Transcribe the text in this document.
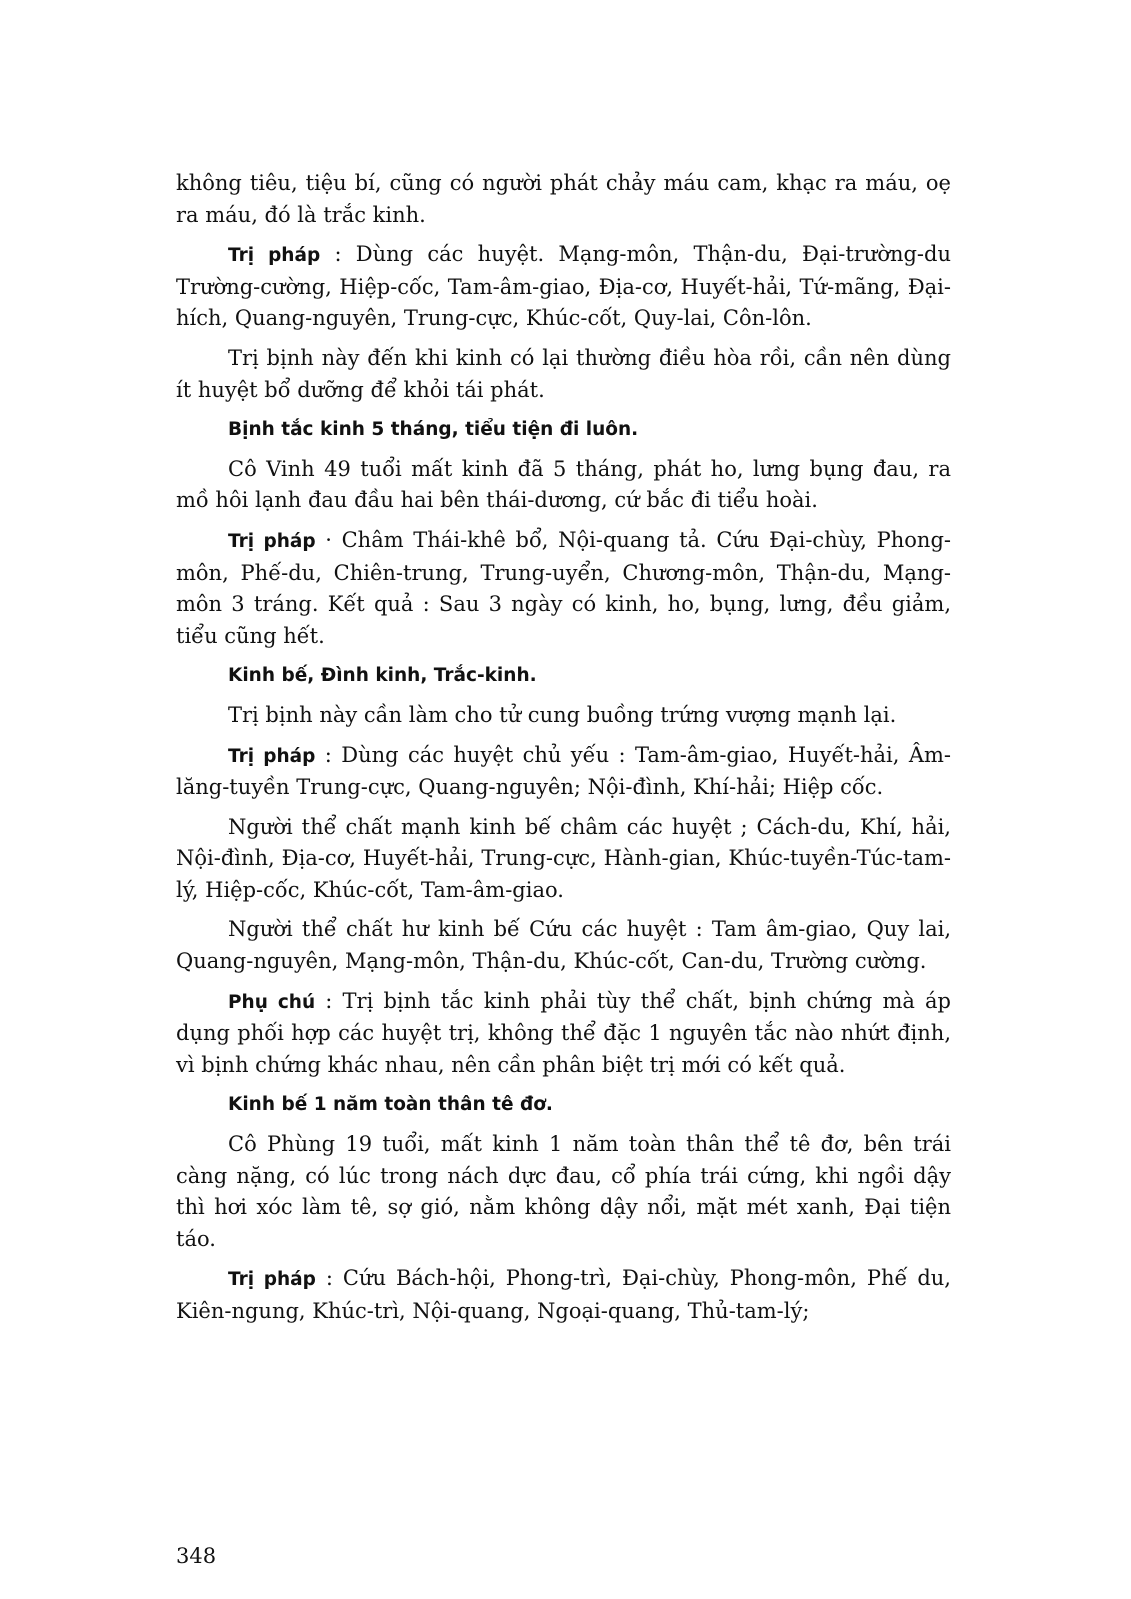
không tiêu, tiệu bí, cũng có người phát chảy máu cam, khạc ra máu, oẹ ra máu, đó là trắc kinh.

Trị pháp : Dùng các huyệt. Mạng-môn, Thận-du, Đại-trường-du Trường-cường, Hiệp-cốc, Tam-âm-giao, Địa-cơ, Huyết-hải, Tứ-mãng, Đại-hích, Quang-nguyên, Trung-cực, Khúc-cốt, Quy-lai, Côn-lôn.

Trị bịnh này đến khi kinh có lại thường điều hòa rồi, cần nên dùng ít huyệt bổ dưỡng để khỏi tái phát.

Bịnh tắc kinh 5 tháng, tiểu tiện đi luôn.

Cô Vinh 49 tuổi mất kinh đã 5 tháng, phát ho, lưng bụng đau, ra mồ hôi lạnh đau đầu hai bên thái-dương, cứ bắc đi tiểu hoài.

Trị pháp · Châm Thái-khê bổ, Nội-quang tả. Cứu Đại-chùy, Phong-môn, Phế-du, Chiên-trung, Trung-uyển, Chương-môn, Thận-du, Mạng-môn 3 tráng. Kết quả : Sau 3 ngày có kinh, ho, bụng, lưng, đều giảm, tiểu cũng hết.

Kinh bế, Đình kinh, Trắc-kinh.

Trị bịnh này cần làm cho tử cung buồng trứng vượng mạnh lại.

Trị pháp : Dùng các huyệt chủ yếu : Tam-âm-giao, Huyết-hải, Âm-lăng-tuyền Trung-cực, Quang-nguyên; Nội-đình, Khí-hải; Hiệp cốc.

Người thể chất mạnh kinh bế châm các huyệt ; Cách-du, Khí, hải, Nội-đình, Địa-cơ, Huyết-hải, Trung-cực, Hành-gian, Khúc-tuyền-Túc-tam-lý, Hiệp-cốc, Khúc-cốt, Tam-âm-giao.

Người thể chất hư kinh bế Cứu các huyệt : Tam âm-giao, Quy lai, Quang-nguyên, Mạng-môn, Thận-du, Khúc-cốt, Can-du, Trường cường.

Phụ chú : Trị bịnh tắc kinh phải tùy thể chất, bịnh chứng mà áp dụng phối hợp các huyệt trị, không thể đặc 1 nguyên tắc nào nhứt định, vì bịnh chứng khác nhau, nên cần phân biệt trị mới có kết quả.

Kinh bế 1 năm toàn thân tê đơ.

Cô Phùng 19 tuổi, mất kinh 1 năm toàn thân thể tê đơ, bên trái càng nặng, có lúc trong nách dực đau, cổ phía trái cứng, khi ngồi dậy thì hơi xóc làm tê, sợ gió, nằm không dậy nổi, mặt mét xanh, Đại tiện táo.

Trị pháp : Cứu Bách-hội, Phong-trì, Đại-chùy, Phong-môn, Phế du, Kiên-ngung, Khúc-trì, Nội-quang, Ngoại-quang, Thủ-tam-lý;

348
